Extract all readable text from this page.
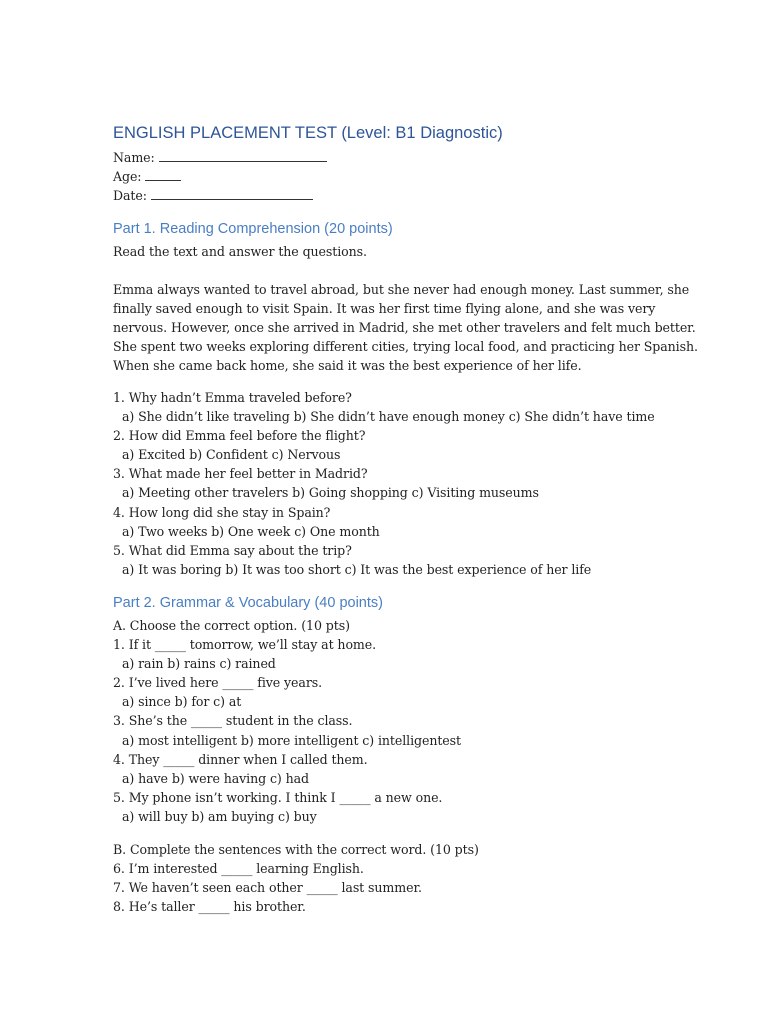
ENGLISH PLACEMENT TEST (Level: B1 Diagnostic)
Name:
Age:
Date:
Part 1. Reading Comprehension (20 points)
Read the text and answer the questions.
Emma always wanted to travel abroad, but she never had enough money. Last summer, she
finally saved enough to visit Spain. It was her first time flying alone, and she was very
nervous. However, once she arrived in Madrid, she met other travelers and felt much better.
She spent two weeks exploring different cities, trying local food, and practicing her Spanish.
When she came back home, she said it was the best experience of her life.
1. Why hadn’t Emma traveled before?
a) She didn’t like traveling b) She didn’t have enough money c) She didn’t have time
2. How did Emma feel before the flight?
a) Excited b) Confident c) Nervous
3. What made her feel better in Madrid?
a) Meeting other travelers b) Going shopping c) Visiting museums
4. How long did she stay in Spain?
a) Two weeks b) One week c) One month
5. What did Emma say about the trip?
a) It was boring b) It was too short c) It was the best experience of her life
Part 2. Grammar & Vocabulary (40 points)
A. Choose the correct option. (10 pts)
1. If it _____ tomorrow, we’ll stay at home.
a) rain b) rains c) rained
2. I’ve lived here _____ five years.
a) since b) for c) at
3. She’s the _____ student in the class.
a) most intelligent b) more intelligent c) intelligentest
4. They _____ dinner when I called them.
a) have b) were having c) had
5. My phone isn’t working. I think I _____ a new one.
a) will buy b) am buying c) buy
B. Complete the sentences with the correct word. (10 pts)
6. I’m interested _____ learning English.
7. We haven’t seen each other _____ last summer.
8. He’s taller _____ his brother.
